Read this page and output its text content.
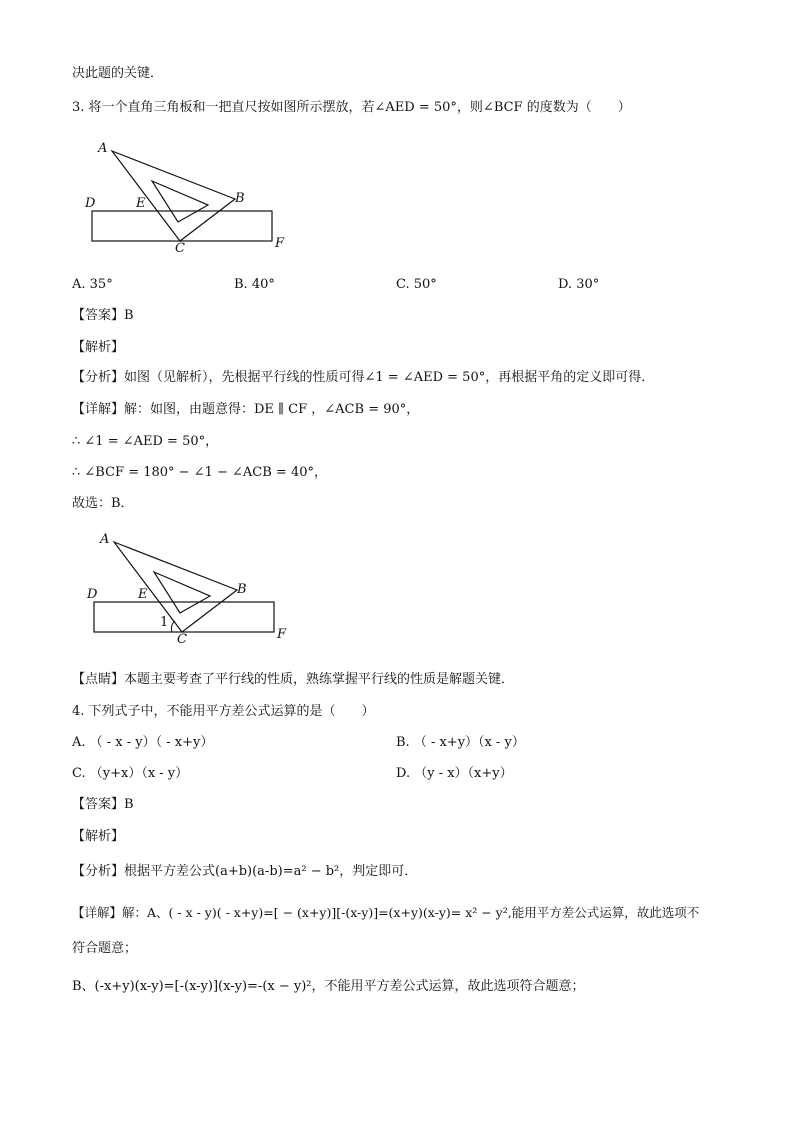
决此题的关键．
3. 将一个直角三角板和一把直尺按如图所示摆放，若∠AED = 50°，则∠BCF 的度数为（　　）
A
B
C
D	E
F
A. 35°	B. 40°	C. 50°	D. 30°
【答案】B
【解析】
【分析】如图（见解析），先根据平行线的性质可得∠1 = ∠AED = 50°，再根据平角的定义即可得．
【详解】解：如图，由题意得：DE ∥ CF ，∠ACB = 90°，
∴ ∠1 = ∠AED = 50°，
∴ ∠BCF = 180° − ∠1 − ∠ACB = 40°，
故选：B．
A
B
C
D	E
F
1
【点睛】本题主要考查了平行线的性质，熟练掌握平行线的性质是解题关键．
4. 下列式子中，不能用平方差公式运算的是（　　）
A. （ - x - y）（ - x+y）	B. （ - x+y）（x - y）
C. （y+x）（x - y）	D. （y - x）（x+y）
【答案】B
【解析】
【分析】根据平方差公式(a+b)(a-b)=a² − b²，判定即可．
【详解】解：A、( - x - y)( - x+y)=[ − (x+y)][-(x-y)]=(x+y)(x-y)= x² − y²,能用平方差公式运算，故此选项不
符合题意；
B、(-x+y)(x-y)=[-(x-y)](x-y)=-(x − y)²，不能用平方差公式运算，故此选项符合题意；
